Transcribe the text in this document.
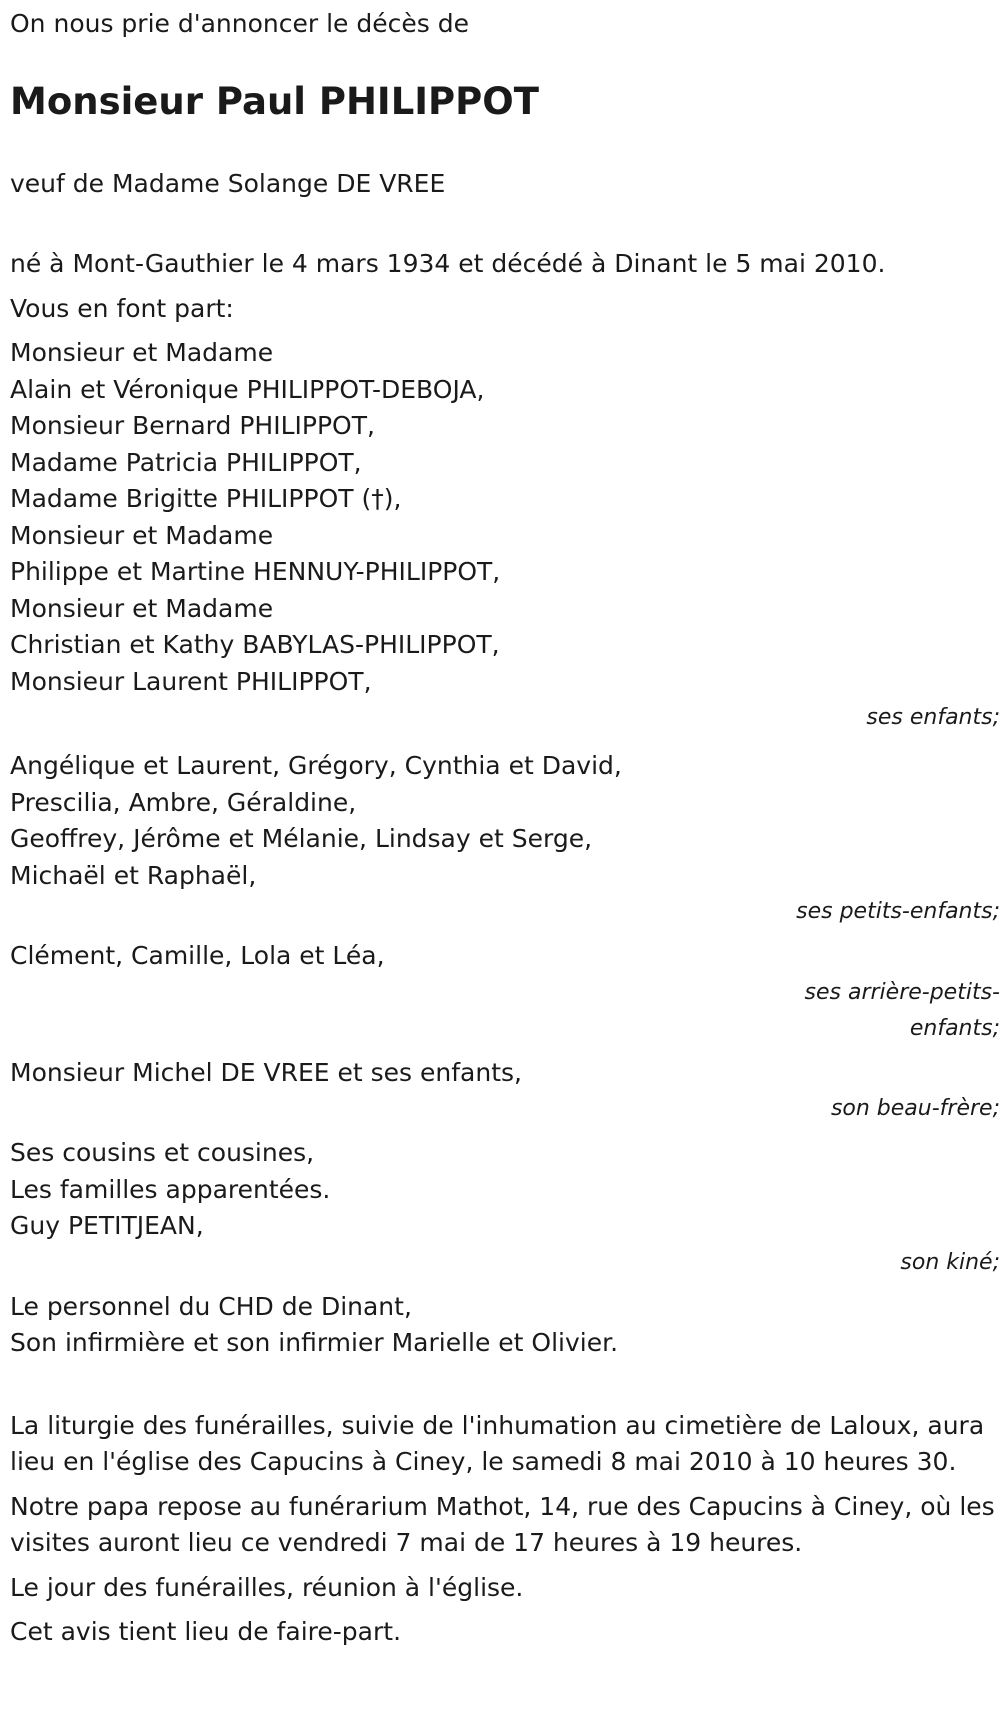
On nous prie d'annoncer le décès de
Monsieur Paul PHILIPPOT
veuf de Madame Solange DE VREE
né à Mont-Gauthier le 4 mars 1934 et décédé à Dinant le 5 mai 2010.
Vous en font part:
Monsieur et Madame
Alain et Véronique PHILIPPOT-DEBOJA,
Monsieur Bernard PHILIPPOT,
Madame Patricia PHILIPPOT,
Madame Brigitte PHILIPPOT (†),
Monsieur et Madame
Philippe et Martine HENNUY-PHILIPPOT,
Monsieur et Madame
Christian et Kathy BABYLAS-PHILIPPOT,
Monsieur Laurent PHILIPPOT,
ses enfants;
Angélique et Laurent, Grégory, Cynthia et David,
Prescilia, Ambre, Géraldine,
Geoffrey, Jérôme et Mélanie, Lindsay et Serge,
Michaël et Raphaël,
ses petits-enfants;
Clément, Camille, Lola et Léa,
ses arrière-petits-
enfants;
Monsieur Michel DE VREE et ses enfants,
son beau-frère;
Ses cousins et cousines,
Les familles apparentées.
Guy PETITJEAN,
son kiné;
Le personnel du CHD de Dinant,
Son infirmière et son infirmier Marielle et Olivier.
La liturgie des funérailles, suivie de l'inhumation au cimetière de Laloux, aura lieu en l'église des Capucins à Ciney, le samedi 8 mai 2010 à 10 heures 30.
Notre papa repose au funérarium Mathot, 14, rue des Capucins à Ciney, où les visites auront lieu ce vendredi 7 mai de 17 heures à 19 heures.
Le jour des funérailles, réunion à l'église.
Cet avis tient lieu de faire-part.
